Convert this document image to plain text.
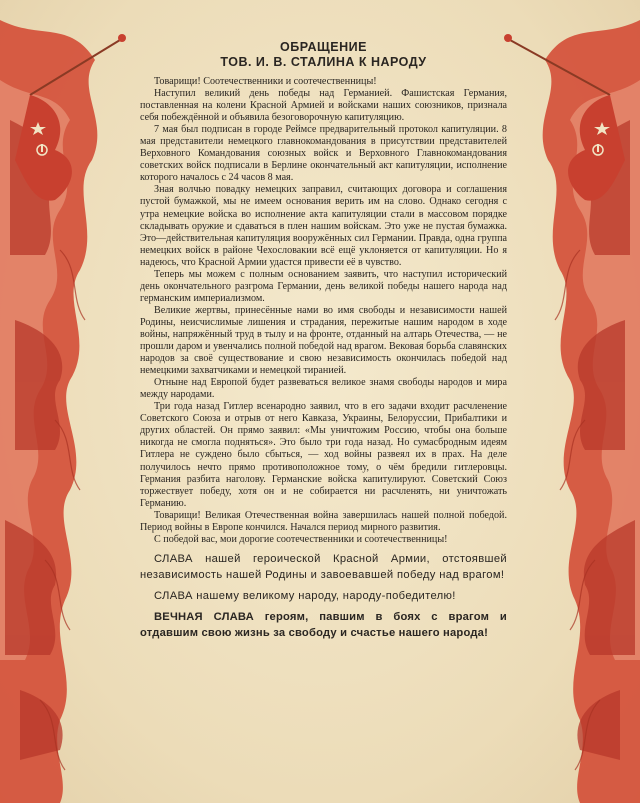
ОБРАЩЕНИЕ
ТОВ. И. В. СТАЛИНА К НАРОДУ

Товарищи! Соотечественники и соотечественницы!

Наступил великий день победы над Германией. Фашистская Германия, поставленная на колени Красной Армией и войсками наших союзников, признала себя побеждённой и объявила безоговорочную капитуляцию.

7 мая был подписан в городе Реймсе предварительный протокол капитуляции. 8 мая представители немецкого главнокомандования в присутствии представителей Верховного Командования союзных войск и Верховного Главнокомандования советских войск подписали в Берлине окончательный акт капитуляции, исполнение которого началось с 24 часов 8 мая.

Зная волчью повадку немецких заправил, считающих договора и соглашения пустой бумажкой, мы не имеем основания верить им на слово. Однако сегодня с утра немецкие войска во исполнение акта капитуляции стали в массовом порядке складывать оружие и сдаваться в плен нашим войскам. Это уже не пустая бумажка. Это—действительная капитуляция вооружённых сил Германии. Правда, одна группа немецких войск в районе Чехословакии всё ещё уклоняется от капитуляции. Но я надеюсь, что Красной Армии удастся привести её в чувство.

Теперь мы можем с полным основанием заявить, что наступил исторический день окончательного разгрома Германии, день великой победы нашего народа над германским империализмом.

Великие жертвы, принесённые нами во имя свободы и независимости нашей Родины, неисчислимые лишения и страдания, пережитые нашим народом в ходе войны, напряжённый труд в тылу и на фронте, отданный на алтарь Отечества, — не прошли даром и увенчались полной победой над врагом. Вековая борьба славянских народов за своё существование и свою независимость окончилась победой над немецкими захватчиками и немецкой тиранией.

Отныне над Европой будет развеваться великое знамя свободы народов и мира между народами.

Три года назад Гитлер всенародно заявил, что в его задачи входит расчленение Советского Союза и отрыв от него Кавказа, Украины, Белоруссии, Прибалтики и других областей. Он прямо заявил: «Мы уничтожим Россию, чтобы она больше никогда не смогла подняться». Это было три года назад. Но сумасбродным идеям Гитлера не суждено было сбыться, — ход войны развеял их в прах. На деле получилось нечто прямо противоположное тому, о чём бредили гитлеровцы. Германия разбита наголову. Германские войска капитулируют. Советский Союз торжествует победу, хотя он и не собирается ни расчленять, ни уничтожать Германию.

Товарищи! Великая Отечественная война завершилась нашей полной победой. Период войны в Европе кончился. Начался период мирного развития.

С победой вас, мои дорогие соотечественники и соотечественницы!

СЛАВА нашей героической Красной Армии, отстоявшей независимость нашей Родины и завоевавшей победу над врагом!

СЛАВА нашему великому народу, народу-победителю!

ВЕЧНАЯ СЛАВА героям, павшим в боях с врагом и отдавшим свою жизнь за свободу и счастье нашего народа!
